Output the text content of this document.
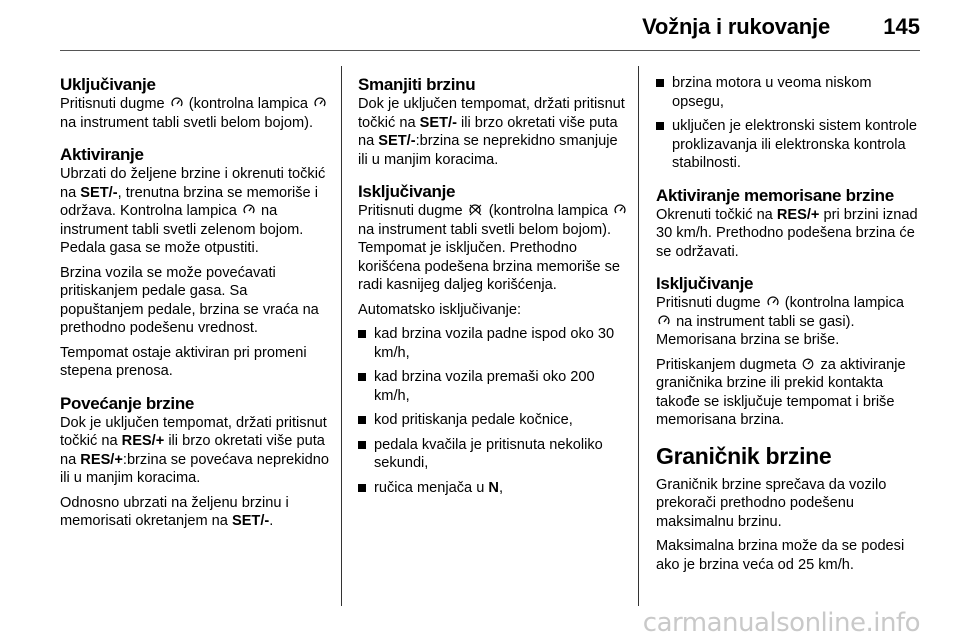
Vožnja i rukovanje 145
Uključivanje

Pritisnuti dugme (kontrolna lampica
na instrument tabli svetli belom bojom).

Aktiviranje

Ubrzati do željene brzine i okrenuti točkić na SET/-, trenutna brzina se memoriše i održava. Kontrolna lampica na instrument tabli svetli zelenom bojom. Pedala gasa se može otpustiti.

Brzina vozila se može povećavati pritiskanjem pedale gasa. Sa popuštanjem pedale, brzina se vraća na prethodno podešenu vrednost.

Tempomat ostaje aktiviran pri promeni stepena prenosa.

Povećanje brzine

Dok je uključen tempomat, držati pritisnut točkić na RES/+ ili brzo okretati više puta na RES/+:brzina se povećava neprekidno ili u manjim koracima.

Odnosno ubrzati na željenu brzinu i memorisati okretanjem na SET/-.

Smanjiti brzinu

Dok je uključen tempomat, držati pritisnut točkić na SET/- ili brzo okretati više puta na SET/-:brzina se neprekidno smanjuje ili u manjim koracima.

Isključivanje

Pritisnuti dugme (kontrolna lampica
na instrument tabli svetli belom bojom). Tempomat je isključen. Prethodno korišćena podešena brzina memoriše se radi kasnijeg daljeg korišćenja.

Automatsko isključivanje:

kad brzina vozila padne ispod oko 30 km/h,
kad brzina vozila premaši oko 200 km/h,
kod pritiskanja pedale kočnice,
pedala kvačila je pritisnuta nekoliko sekundi,
ručica menjača u N,
brzina motora u veoma niskom opsegu,
uključen je elektronski sistem kontrole proklizavanja ili elektronska kontrola stabilnosti.
Aktiviranje memorisane brzine

Okrenuti točkić na RES/+ pri brzini iznad 30 km/h. Prethodno podešena brzina će se održavati.

Isključivanje

Pritisnuti dugme (kontrolna lampica
na instrument tabli se gasi). Memorisana brzina se briše.

Pritiskanjem dugmeta za aktiviranje graničnika brzine ili prekid kontakta takođe se isključuje tempomat i briše memorisana brzina.

Graničnik brzine

Graničnik brzine sprečava da vozilo prekorači prethodno podešenu maksimalnu brzinu.

Maksimalna brzina može da se podesi ako je brzina veća od 25 km/h.

carmanualsonline.info
